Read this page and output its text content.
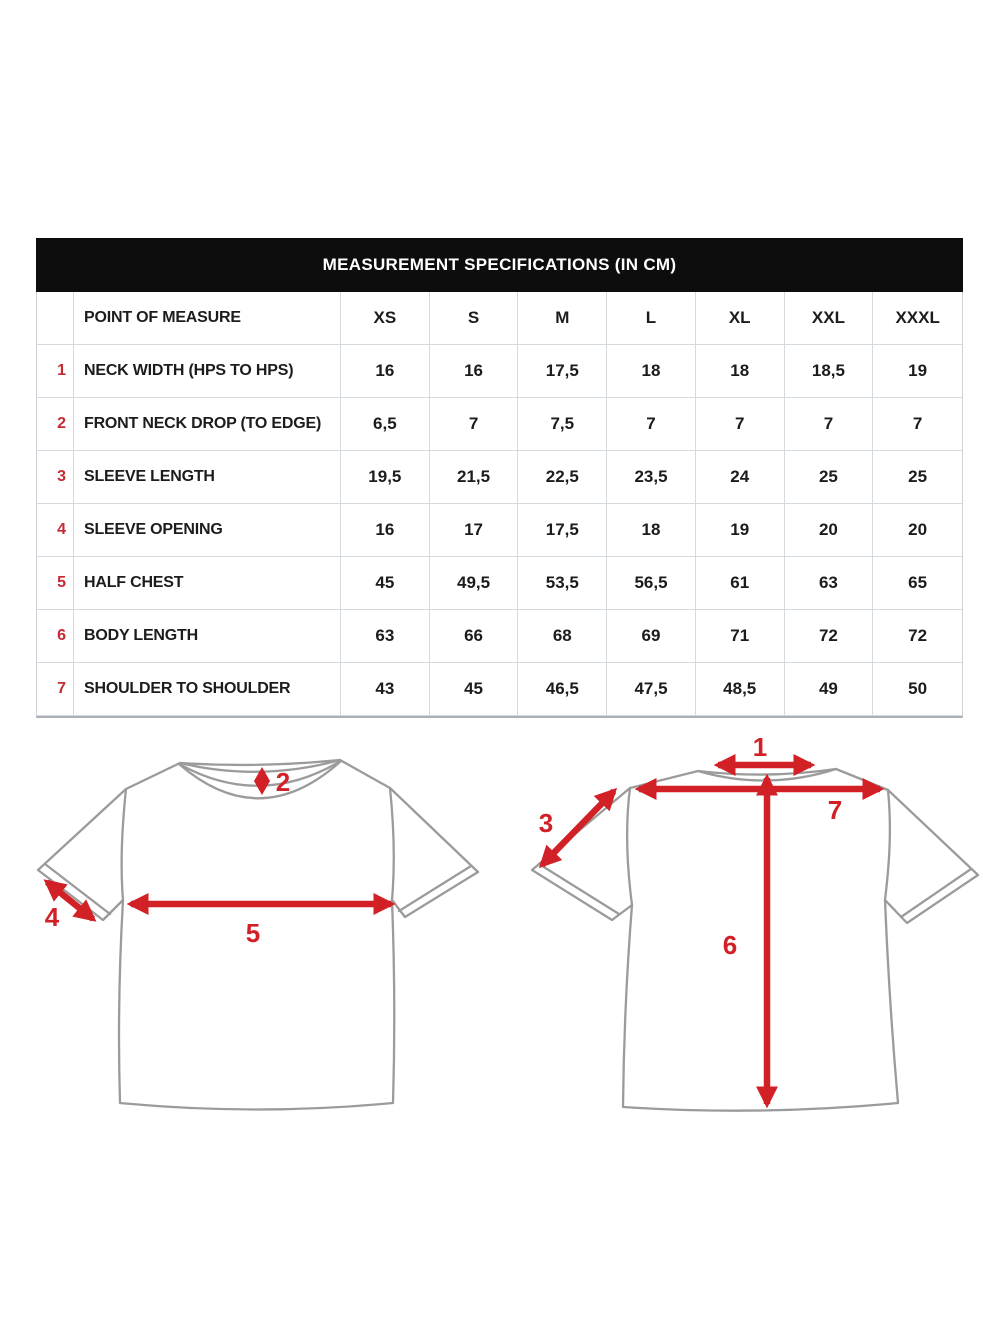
MEASUREMENT SPECIFICATIONS (IN CM)
POINT OF MEASURE	XS	S	M	L	XL	XXL	XXXL
1	NECK WIDTH (HPS TO HPS)	16	16	17,5	18	18	18,5	19
2	FRONT NECK DROP (TO EDGE)	6,5	7	7,5	7	7	7	7
3	SLEEVE LENGTH	19,5	21,5	22,5	23,5	24	25	25
4	SLEEVE OPENING	16	17	17,5	18	19	20	20
5	HALF CHEST	45	49,5	53,5	56,5	61	63	65
6	BODY LENGTH	63	66	68	69	71	72	72
7	SHOULDER TO SHOULDER	43	45	46,5	47,5	48,5	49	50
2
4
5
1
7
3
6
